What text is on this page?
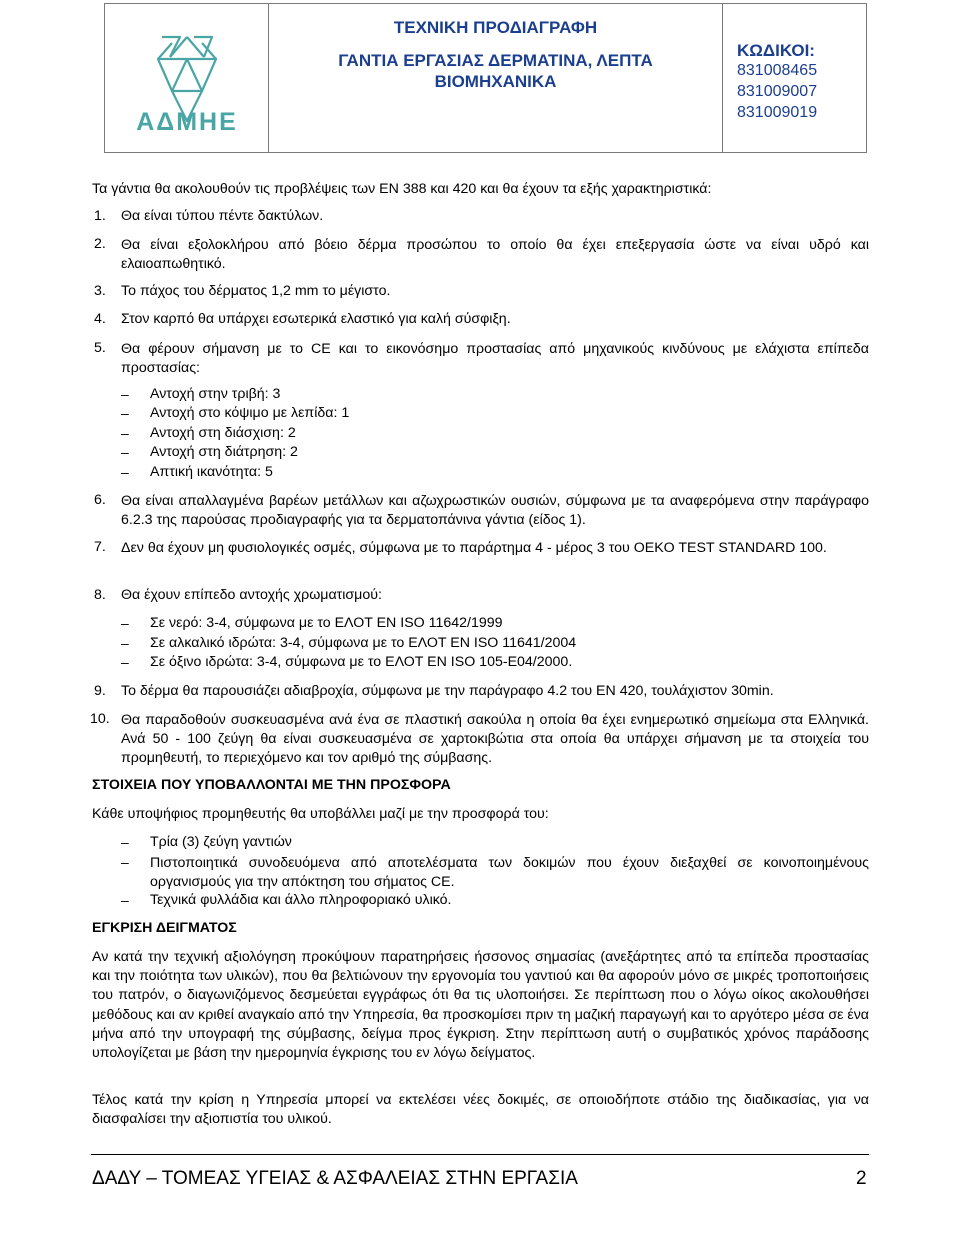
ΑΔΜΗΕ
ΤΕΧΝΙΚΗ ΠΡΟΔΙΑΓΡΑΦΗ
ΓΑΝΤΙΑ ΕΡΓΑΣΙΑΣ ΔΕΡΜΑΤΙΝΑ, ΛΕΠΤΑ ΒΙΟΜΗΧΑΝΙΚΑ
ΚΩΔΙΚΟΙ:
831008465
831009007
831009019
Τα γάντια θα ακολουθούν τις προβλέψεις των EN 388 και 420 και θα έχουν τα εξής χαρακτηριστικά:
1. Θα είναι τύπου πέντε δακτύλων.
2. Θα είναι εξολοκλήρου από βόειο δέρμα προσώπου το οποίο θα έχει επεξεργασία ώστε να είναι υδρό και ελαιοαπωθητικό.
3. Το πάχος του δέρματος 1,2 mm το μέγιστο.
4. Στον καρπό θα υπάρχει εσωτερικά ελαστικό για καλή σύσφιξη.
5. Θα φέρουν σήμανση με το CE και το εικονόσημο προστασίας από μηχανικούς κινδύνους με ελάχιστα επίπεδα προστασίας:
– Αντοχή στην τριβή: 3
– Αντοχή στο κόψιμο με λεπίδα: 1
– Αντοχή στη διάσχιση: 2
– Αντοχή στη διάτρηση: 2
– Απτική ικανότητα: 5
6. Θα είναι απαλλαγμένα βαρέων μετάλλων και αζωχρωστικών ουσιών, σύμφωνα με τα αναφερόμενα στην παράγραφο 6.2.3 της παρούσας προδιαγραφής για τα δερματοπάνινα γάντια (είδος 1).
7. Δεν θα έχουν μη φυσιολογικές οσμές, σύμφωνα με το παράρτημα 4 - μέρος 3 του OEKO TEST STANDARD 100.
8. Θα έχουν επίπεδο αντοχής χρωματισμού:
– Σε νερό: 3-4, σύμφωνα με το ΕΛΟΤ ΕΝ ISO 11642/1999
– Σε αλκαλικό ιδρώτα: 3-4, σύμφωνα με το ΕΛΟΤ ΕΝ ISO 11641/2004
– Σε όξινο ιδρώτα: 3-4, σύμφωνα με το ΕΛΟΤ ΕΝ ISO 105-Ε04/2000.
9. Το δέρμα θα παρουσιάζει αδιαβροχία, σύμφωνα με την παράγραφο 4.2 του EN 420, τουλάχιστον 30min.
10. Θα παραδοθούν συσκευασμένα ανά ένα σε πλαστική σακούλα η οποία θα έχει ενημερωτικό σημείωμα στα Ελληνικά. Ανά 50 - 100 ζεύγη θα είναι συσκευασμένα σε χαρτοκιβώτια στα οποία θα υπάρχει σήμανση με τα στοιχεία του προμηθευτή, το περιεχόμενο και τον αριθμό της σύμβασης.
ΣΤΟΙΧΕΙΑ ΠΟΥ ΥΠΟΒΑΛΛΟΝΤΑΙ ΜΕ ΤΗΝ ΠΡΟΣΦΟΡΑ
Κάθε υποψήφιος προμηθευτής θα υποβάλλει μαζί με την προσφορά του:
– Τρία (3) ζεύγη γαντιών
– Πιστοποιητικά συνοδευόμενα από αποτελέσματα των δοκιμών που έχουν διεξαχθεί σε κοινοποιημένους οργανισμούς για την απόκτηση του σήματος CE.
– Τεχνικά φυλλάδια και άλλο πληροφοριακό υλικό.
ΕΓΚΡΙΣΗ ΔΕΙΓΜΑΤΟΣ
Αν κατά την τεχνική αξιολόγηση προκύψουν παρατηρήσεις ήσσονος σημασίας (ανεξάρτητες από τα επίπεδα προστασίας και την ποιότητα των υλικών), που θα βελτιώνουν την εργονομία του γαντιού και θα αφορούν μόνο σε μικρές τροποποιήσεις του πατρόν, ο διαγωνιζόμενος δεσμεύεται εγγράφως ότι θα τις υλοποιήσει. Σε περίπτωση που ο λόγω οίκος ακολουθήσει μεθόδους και αν κριθεί αναγκαίο από την Υπηρεσία, θα προσκομίσει πριν τη μαζική παραγωγή και το αργότερο μέσα σε ένα μήνα από την υπογραφή της σύμβασης, δείγμα προς έγκριση. Στην περίπτωση αυτή ο συμβατικός χρόνος παράδοσης υπολογίζεται με βάση την ημερομηνία έγκρισης του εν λόγω δείγματος.
Τέλος κατά την κρίση η Υπηρεσία μπορεί να εκτελέσει νέες δοκιμές, σε οποιοδήποτε στάδιο της διαδικασίας, για να διασφαλίσει την αξιοπιστία του υλικού.
ΔΑΔΥ – ΤΟΜΕΑΣ ΥΓΕΙΑΣ & ΑΣΦΑΛΕΙΑΣ ΣΤΗΝ ΕΡΓΑΣΙΑ	2
